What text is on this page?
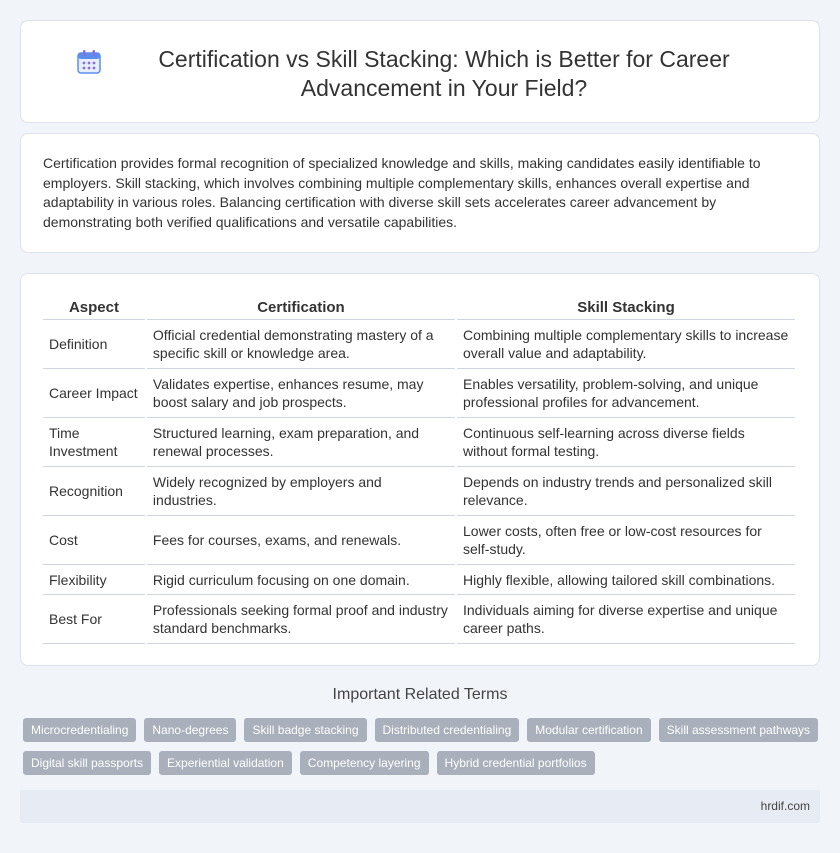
Certification vs Skill Stacking: Which is Better for Career Advancement in Your Field?

Certification provides formal recognition of specialized knowledge and skills, making candidates easily identifiable to employers. Skill stacking, which involves combining multiple complementary skills, enhances overall expertise and adaptability in various roles. Balancing certification with diverse skill sets accelerates career advancement by demonstrating both verified qualifications and versatile capabilities.

Aspect	Certification	Skill Stacking
Definition	Official credential demonstrating mastery of a specific skill or knowledge area.	Combining multiple complementary skills to increase overall value and adaptability.
Career Impact	Validates expertise, enhances resume, may boost salary and job prospects.	Enables versatility, problem-solving, and unique professional profiles for advancement.
Time Investment	Structured learning, exam preparation, and renewal processes.	Continuous self-learning across diverse fields without formal testing.
Recognition	Widely recognized by employers and industries.	Depends on industry trends and personalized skill relevance.
Cost	Fees for courses, exams, and renewals.	Lower costs, often free or low-cost resources for self-study.
Flexibility	Rigid curriculum focusing on one domain.	Highly flexible, allowing tailored skill combinations.
Best For	Professionals seeking formal proof and industry standard benchmarks.	Individuals aiming for diverse expertise and unique career paths.
Important Related Terms
Microcredentialing	Nano-degrees	Skill badge stacking	Distributed credentialing	Modular certification	Skill assessment pathways
Digital skill passports	Experiential validation	Competency layering	Hybrid credential portfolios
hrdif.com
